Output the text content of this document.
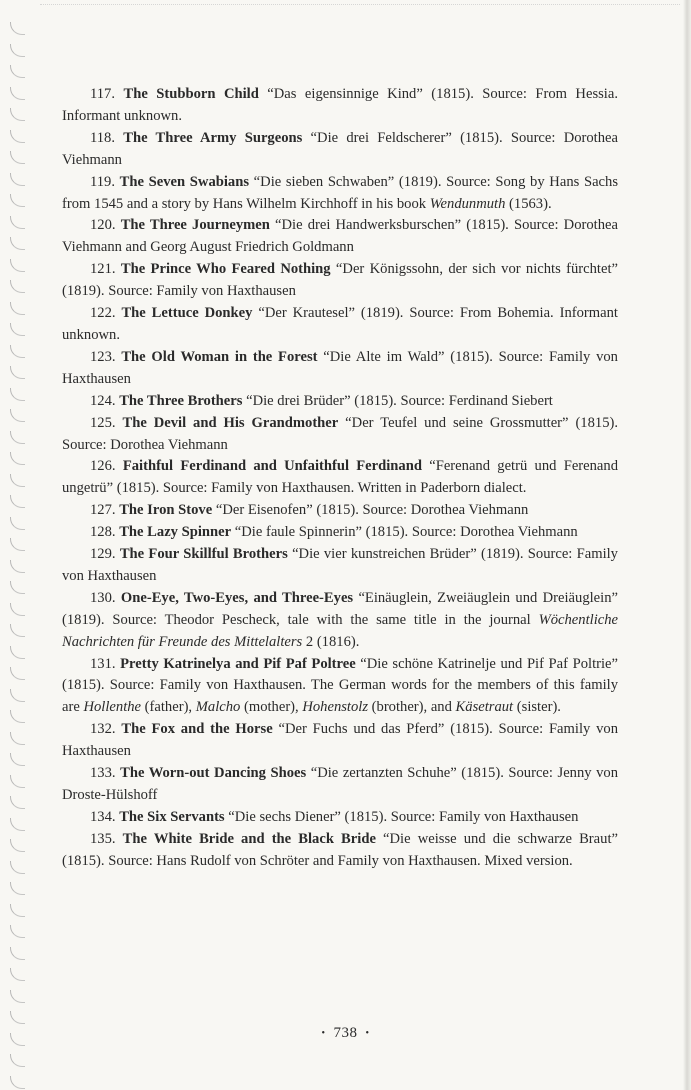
117. The Stubborn Child “Das eigensinnige Kind” (1815). Source: From Hessia. Informant unknown.

118. The Three Army Surgeons “Die drei Feldscherer” (1815). Source: Dorothea Viehmann

119. The Seven Swabians “Die sieben Schwaben” (1819). Source: Song by Hans Sachs from 1545 and a story by Hans Wilhelm Kirchhoff in his book Wendunmuth (1563).

120. The Three Journeymen “Die drei Handwerksburschen” (1815). Source: Dorothea Viehmann and Georg August Friedrich Goldmann

121. The Prince Who Feared Nothing “Der Königssohn, der sich vor nichts fürchtet” (1819). Source: Family von Haxthausen

122. The Lettuce Donkey “Der Krautesel” (1819). Source: From Bohemia. Informant unknown.

123. The Old Woman in the Forest “Die Alte im Wald” (1815). Source: Family von Haxthausen

124. The Three Brothers “Die drei Brüder” (1815). Source: Ferdinand Siebert

125. The Devil and His Grandmother “Der Teufel und seine Grossmutter” (1815). Source: Dorothea Viehmann

126. Faithful Ferdinand and Unfaithful Ferdinand “Ferenand getrü und Ferenand ungetrü” (1815). Source: Family von Haxthausen. Written in Paderborn dialect.

127. The Iron Stove “Der Eisenofen” (1815). Source: Dorothea Viehmann

128. The Lazy Spinner “Die faule Spinnerin” (1815). Source: Dorothea Viehmann

129. The Four Skillful Brothers “Die vier kunstreichen Brüder” (1819). Source: Family von Haxthausen

130. One-Eye, Two-Eyes, and Three-Eyes “Einäuglein, Zweiäuglein und Dreiäuglein” (1819). Source: Theodor Pescheck, tale with the same title in the journal Wöchentliche Nachrichten für Freunde des Mittelalters 2 (1816).

131. Pretty Katrinelya and Pif Paf Poltree “Die schöne Katrinelje und Pif Paf Poltrie” (1815). Source: Family von Haxthausen. The German words for the members of this family are Hollenthe (father), Malcho (mother), Hohenstolz (brother), and Käsetraut (sister).

132. The Fox and the Horse “Der Fuchs und das Pferd” (1815). Source: Family von Haxthausen

133. The Worn-out Dancing Shoes “Die zertanzten Schuhe” (1815). Source: Jenny von Droste-Hülshoff

134. The Six Servants “Die sechs Diener” (1815). Source: Family von Haxthausen

135. The White Bride and the Black Bride “Die weisse und die schwarze Braut” (1815). Source: Hans Rudolf von Schröter and Family von Haxthausen. Mixed version.

• 738 •
